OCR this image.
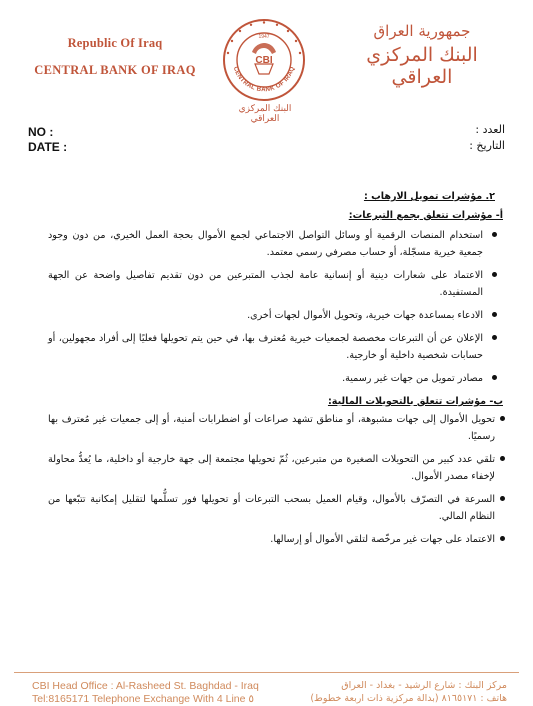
Republic Of Iraq
CENTRAL BANK OF IRAQ
CBI
CENTRAL BANK OF IRAQ
1947
البنك المركزي العراقي
جمهورية العراق
البنك المركزي العراقي
NO :
DATE :
العدد :
التاريخ :
٢. مؤشرات تمويل الارهاب :
أ- مؤشرات تتعلق بجمع التبرعات:
استخدام المنصات الرقمية أو وسائل التواصل الاجتماعي لجمع الأموال بحجة العمل الخيري، من دون وجود جمعية خيرية مسجّلة، أو حساب مصرفي رسمي معتمد.
الاعتماد على شعارات دينية أو إنسانية عامة لجذب المتبرعين من دون تقديم تفاصيل واضحة عن الجهة المستفيدة.
الادعاء بمساعدة جهات خيرية، وتحويل الأموال لجهات أخرى.
الإعلان عن أن التبرعات مخصصة لجمعيات خيرية مُعترف بها، في حين يتم تحويلها فعليًا إلى أفراد مجهولين، أو حسابات شخصية داخلية أو خارجية.
مصادر تمويل من جهات غير رسمية.
ب- مؤشرات تتعلق بالتحويلات المالية:
تحويل الأموال إلى جهات مشبوهة، أو مناطق تشهد صراعات أو اضطرابات أمنية، أو إلى جمعيات غير مُعترف بها رسميًا.
تلقي عدد كبير من التحويلات الصغيرة من متبرعين، ثُمّ تحويلها مجتمعة إلى جهة خارجية أو داخلية، ما يُعدُّ محاولة لإخفاء مصدر الأموال.
السرعة في التصرّف بالأموال، وقيام العميل بسحب التبرعات أو تحويلها فور تسلُّمها لتقليل إمكانية تتبّعها من النظام المالي.
الاعتماد على جهات غير مرخّصة لتلقي الأموال أو إرسالها.
CBI Head Office : Al-Rasheed St. Baghdad - Iraq
Tel:8165171 Telephone Exchange With 4 Line ٥
مركز البنك : شارع الرشيد - بغداد - العراق
هاتف : ٨١٦٥١٧١ (بدالة مركزية ذات اربعة خطوط)
